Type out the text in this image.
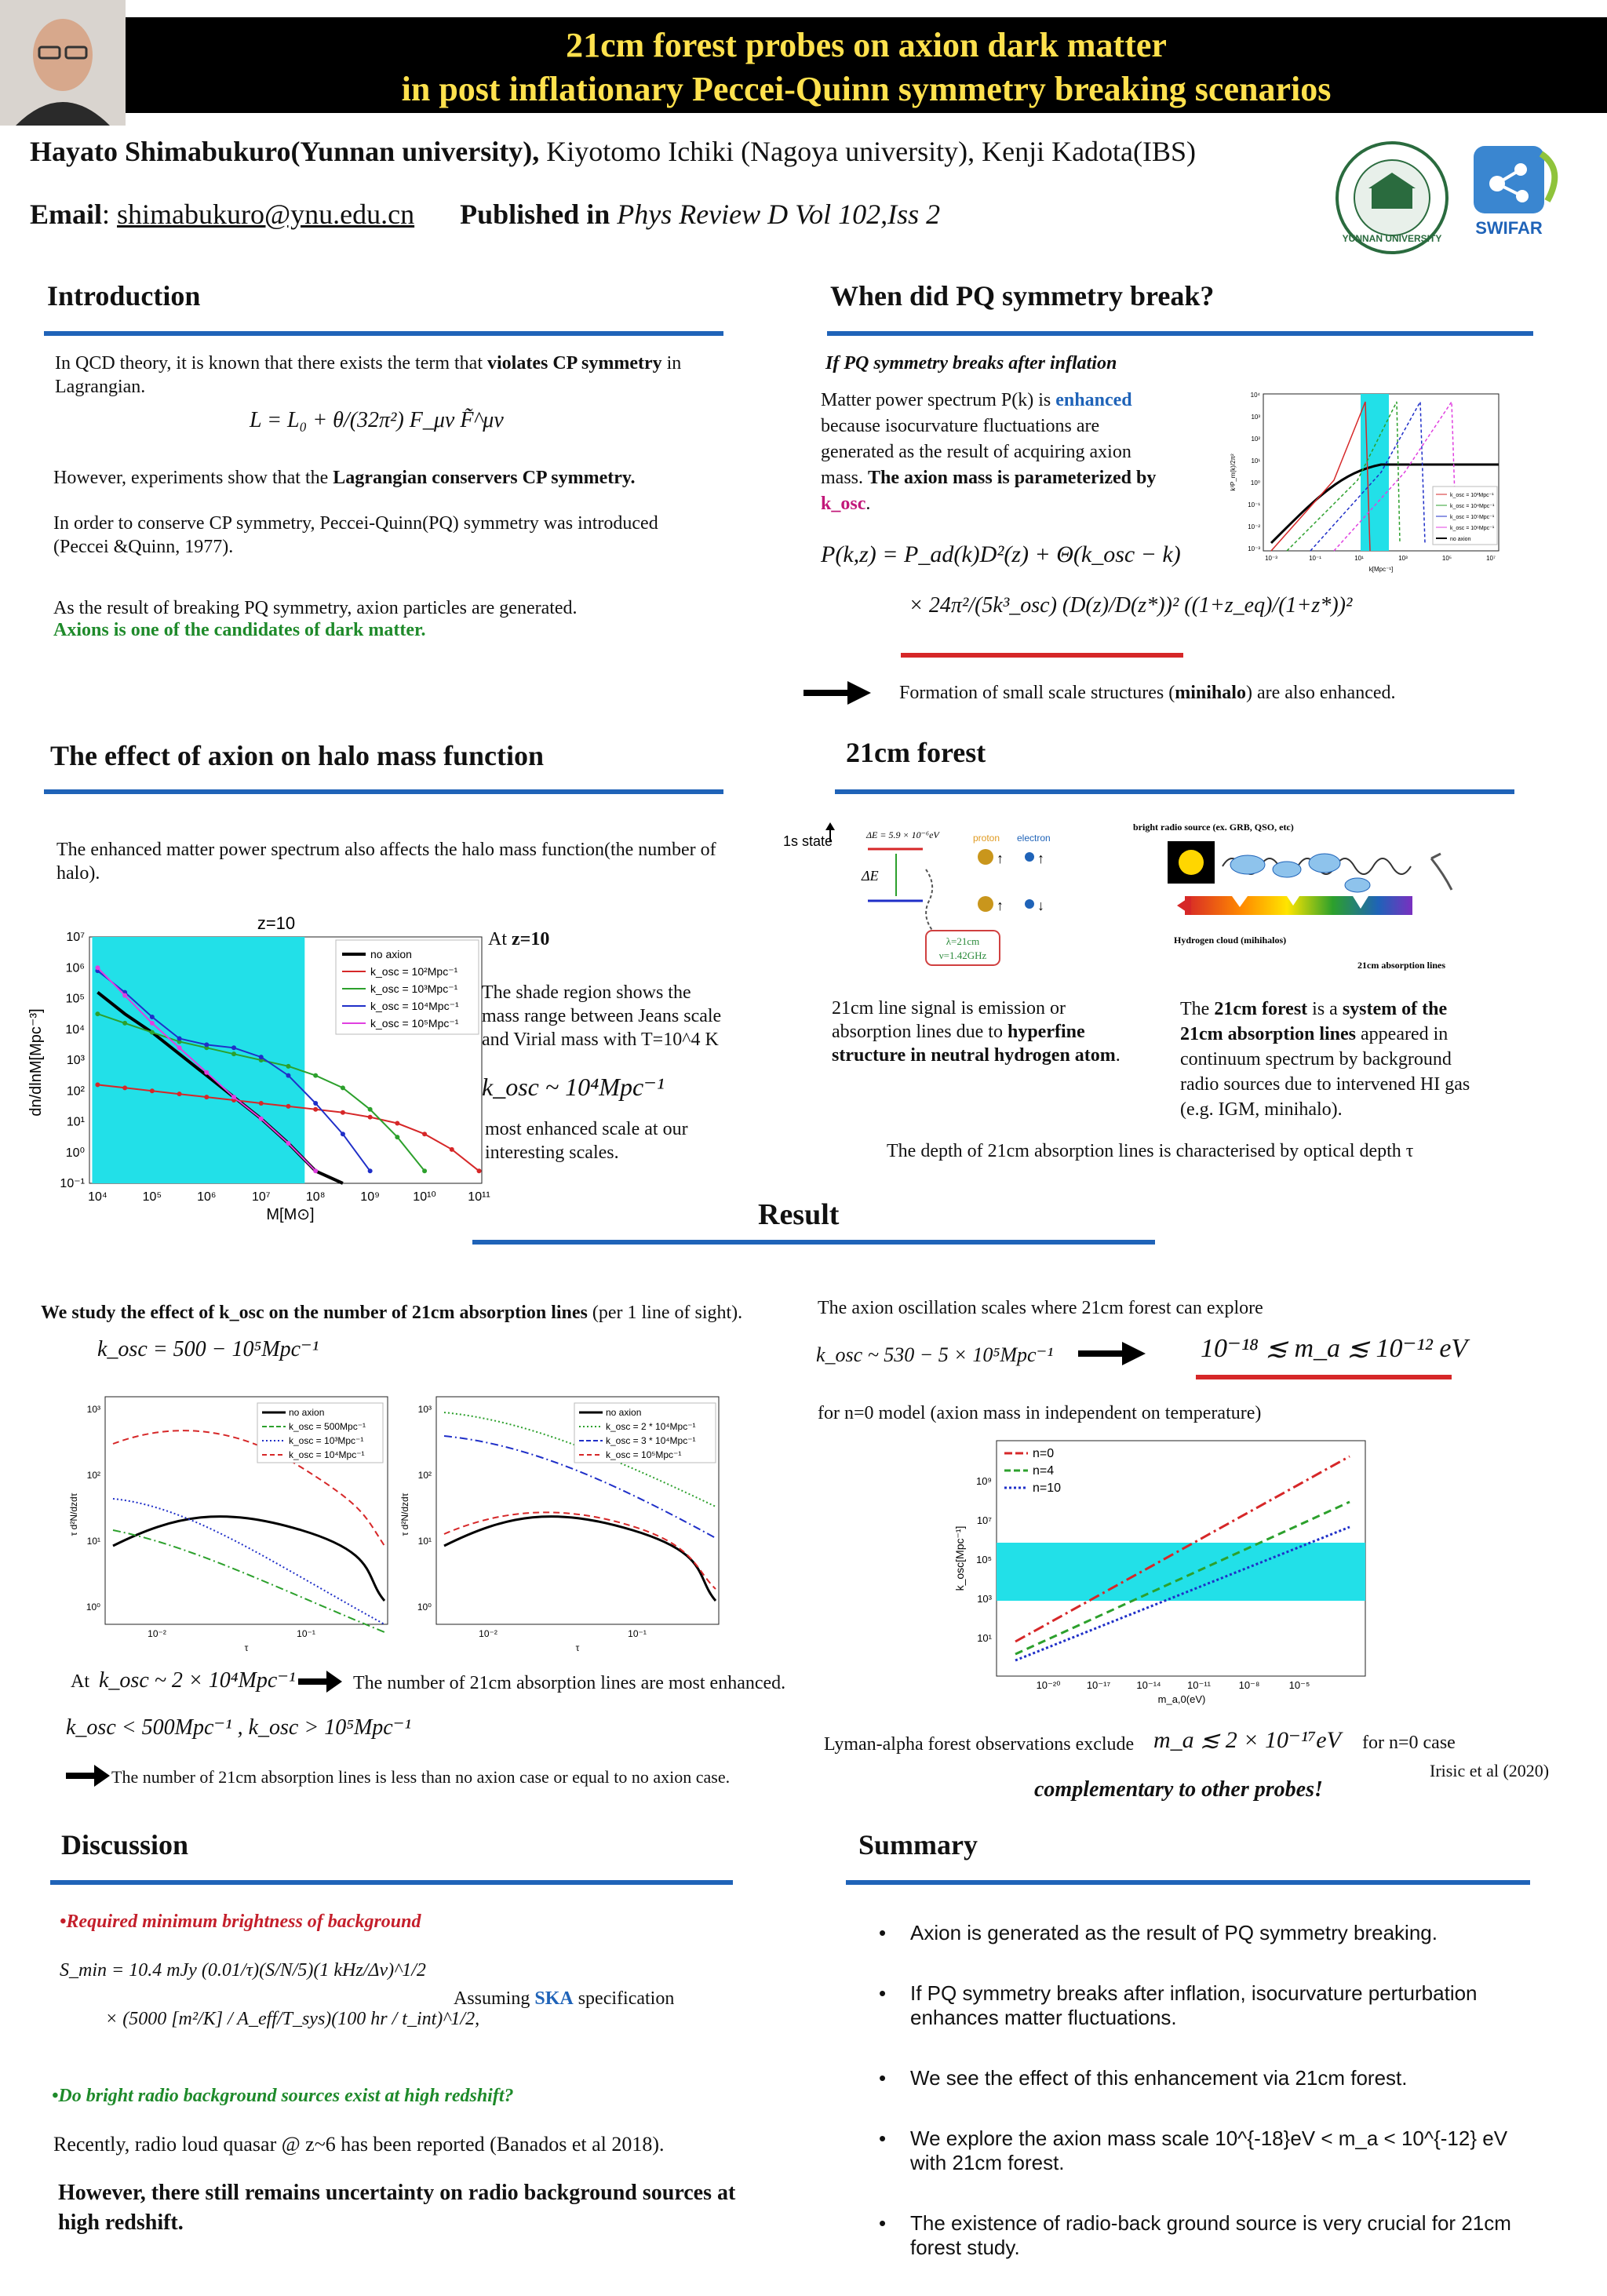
21cm forest probes on axion dark matter
in post inflationary Peccei-Quinn symmetry breaking scenarios
Hayato Shimabukuro(Yunnan university), Kiyotomo Ichiki (Nagoya university), Kenji Kadota(IBS)
Email: shimabukuro@ynu.edu.cn Published in Phys Review D Vol 102,Iss 2
YUNNAN UNIVERSITY
SWIFAR
Introduction
In QCD theory, it is known that there exists the term that violates CP symmetry in Lagrangian.
L = L₀ + θ/(32π²) F_μν F̃^μν
However, experiments show that the Lagrangian conservers CP symmetry.
In order to conserve CP symmetry, Peccei-Quinn(PQ) symmetry was introduced (Peccei &Quinn, 1977).
As the result of breaking PQ symmetry, axion particles are generated.
Axions is one of the candidates of dark matter.
When did PQ symmetry break?
If PQ symmetry breaks after inflation
Matter power spectrum P(k) is enhanced because isocurvature fluctuations are generated as the result of acquiring axion mass. The axion mass is parameterized by k_osc.
P(k,z) = P_ad(k)D²(z) + Θ(k_osc − k)
× 24π²/(5k³_osc) (D(z)/D(z*))² ((1+z_eq)/(1+z*))²
k_osc = 10³Mpc⁻¹
k_osc = 10⁴Mpc⁻¹
k_osc = 10⁵Mpc⁻¹
k_osc = 10⁶Mpc⁻¹
no axion
10⁴
10³
10²
10¹
10⁰
10⁻¹
10⁻²
10⁻³
10⁻³	10⁻¹	10¹	10³	10⁵	10⁷
k[Mpc⁻¹]
k³P_m(k)/2π²
Formation of small scale structures (minihalo) are also enhanced.
The effect of axion on halo mass function
The enhanced matter power spectrum also affects the halo mass function(the number of halo).
z=10
10⁷
10⁶
10⁵
10⁴
10³
10²
10¹
10⁰
10⁻¹
10⁴	10⁵	10⁶	10⁷	10⁸	10⁹	10¹⁰	10¹¹
M[M⊙]
dn/dlnM[Mpc⁻³]
no axion
k_osc = 10²Mpc⁻¹
k_osc = 10³Mpc⁻¹
k_osc = 10⁴Mpc⁻¹
k_osc = 10⁵Mpc⁻¹
At z=10
The shade region shows the mass range between Jeans scale and Virial mass with T=10^4 K
k_osc ~ 10⁴Mpc⁻¹
most enhanced scale at our interesting scales.
21cm forest
1s state	ΔE = 5.9 × 10⁻⁶eV
ΔE
proton electron
↑ ↑
↑ ↓
λ=21cm
ν=1.42GHz
bright radio source (ex. GRB, QSO, etc)
Hydrogen cloud (mihihalos)
21cm absorption lines
21cm line signal is emission or absorption lines due to hyperfine structure in neutral hydrogen atom.
The 21cm forest is a system of the 21cm absorption lines appeared in continuum spectrum by background radio sources due to intervened HI gas (e.g. IGM, minihalo).
The depth of 21cm absorption lines is characterised by optical depth τ
Result
We study the effect of k_osc on the number of 21cm absorption lines (per 1 line of sight).
k_osc = 500 − 10⁵Mpc⁻¹
no axion
k_osc = 500Mpc⁻¹
k_osc = 10³Mpc⁻¹
k_osc = 10⁴Mpc⁻¹
10³
10²
10¹
10⁰
10⁻²	10⁻¹
τ
τ d²N/dzdτ
no axion
k_osc = 2 * 10⁴Mpc⁻¹
k_osc = 3 * 10⁴Mpc⁻¹
k_osc = 10⁵Mpc⁻¹
10³
10²
10¹
10⁰
10⁻²	10⁻¹
τ
τ d²N/dzdτ
At k_osc ~ 2 × 10⁴Mpc⁻¹	The number of 21cm absorption lines are most enhanced.
k_osc < 500Mpc⁻¹ , k_osc > 10⁵Mpc⁻¹
The number of 21cm absorption lines is less than no axion case or equal to no axion case.
The axion oscillation scales where 21cm forest can explore
k_osc ~ 530 − 5 × 10⁵Mpc⁻¹	10⁻¹⁸ ≲ m_a ≲ 10⁻¹² eV
for n=0 model (axion mass in independent on temperature)
n=0
n=4
n=10
10⁹
10⁷
10⁵
10³
10¹
10⁻²⁰	10⁻¹⁷	10⁻¹⁴	10⁻¹¹	10⁻⁸	10⁻⁵
m_a,0(eV)
k_osc[Mpc⁻¹]
Lyman-alpha forest observations exclude m_a ≲ 2 × 10⁻¹⁷eV for n=0 case
Irisic et al (2020)
complementary to other probes!
Discussion
•Required minimum brightness of background
S_min = 10.4 mJy (0.01/τ)(S/N/5)(1 kHz/Δν)^1/2
× (5000 [m²/K] / A_eff/T_sys)(100 hr / t_int)^1/2,
Assuming SKA specification
•Do bright radio background sources exist at high redshift?
Recently, radio loud quasar @ z~6 has been reported (Banados et al 2018).
However, there still remains uncertainty on radio background sources at high redshift.
Summary
• Axion is generated as the result of PQ symmetry breaking.
• If PQ symmetry breaks after inflation, isocurvature perturbation enhances matter fluctuations.
• We see the effect of this enhancement via 21cm forest.
• We explore the axion mass scale 10^{-18}eV < m_a < 10^{-12} eV with 21cm forest.
• The existence of radio-back ground source is very crucial for 21cm forest study.
